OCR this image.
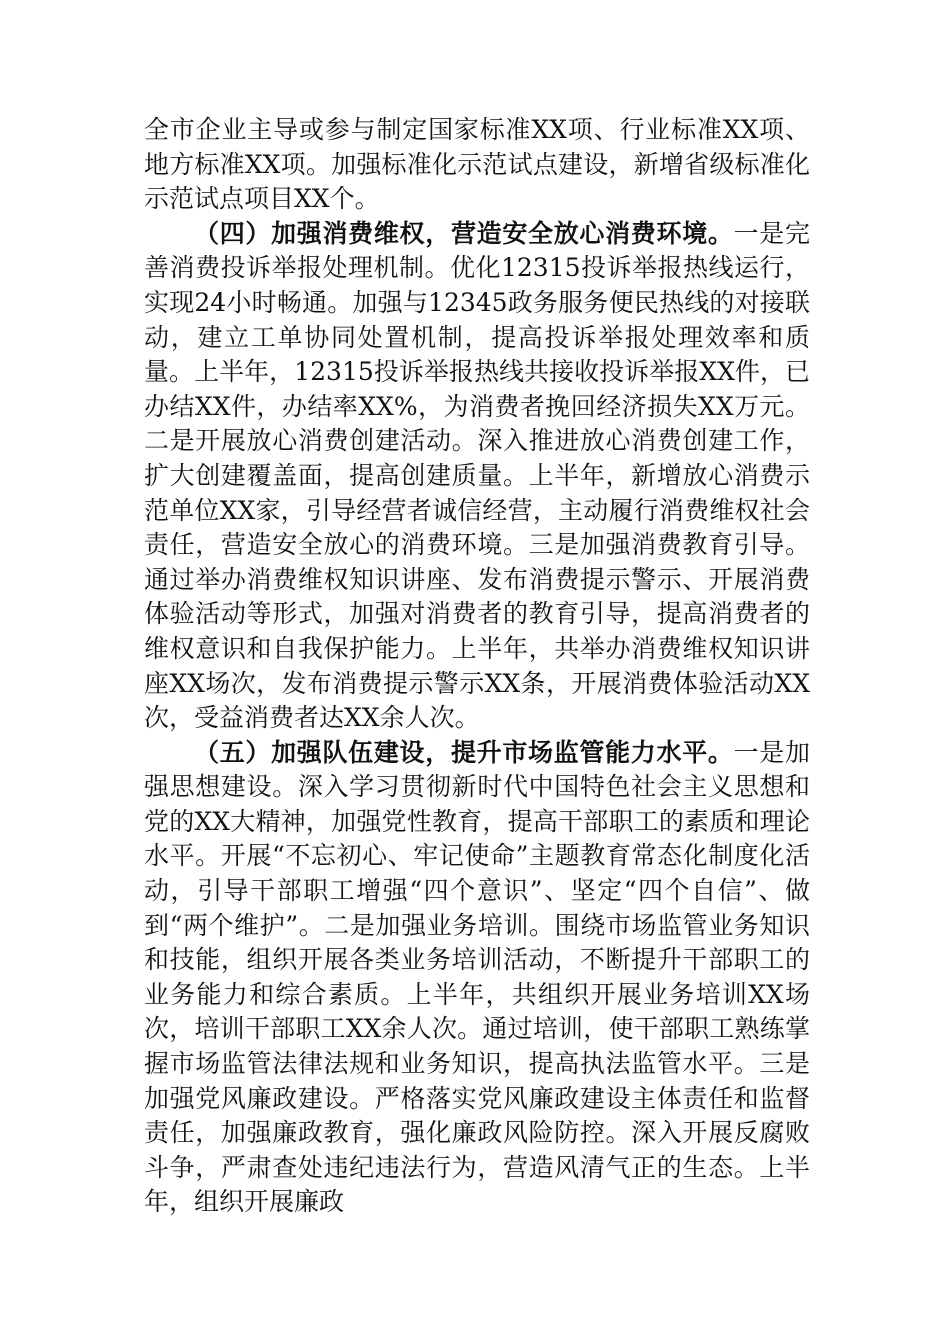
全市企业主导或参与制定国家标准XX项、行业标准XX项、地方标准XX项。加强标准化示范试点建设，新增省级标准化示范试点项目XX个。

（四）加强消费维权，营造安全放心消费环境。一是完善消费投诉举报处理机制。优化12315投诉举报热线运行，实现24小时畅通。加强与12345政务服务便民热线的对接联动，建立工单协同处置机制，提高投诉举报处理效率和质量。上半年，12315投诉举报热线共接收投诉举报XX件，已办结XX件，办结率XX%，为消费者挽回经济损失XX万元。二是开展放心消费创建活动。深入推进放心消费创建工作，扩大创建覆盖面，提高创建质量。上半年，新增放心消费示范单位XX家，引导经营者诚信经营，主动履行消费维权社会责任，营造安全放心的消费环境。三是加强消费教育引导。通过举办消费维权知识讲座、发布消费提示警示、开展消费体验活动等形式，加强对消费者的教育引导，提高消费者的维权意识和自我保护能力。上半年，共举办消费维权知识讲座XX场次，发布消费提示警示XX条，开展消费体验活动XX次，受益消费者达XX余人次。

（五）加强队伍建设，提升市场监管能力水平。一是加强思想建设。深入学习贯彻新时代中国特色社会主义思想和党的XX大精神，加强党性教育，提高干部职工的素质和理论水平。开展“不忘初心、牢记使命”主题教育常态化制度化活动，引导干部职工增强“四个意识”、坚定“四个自信”、做到“两个维护”。二是加强业务培训。围绕市场监管业务知识和技能，组织开展各类业务培训活动，不断提升干部职工的业务能力和综合素质。上半年，共组织开展业务培训XX场次，培训干部职工XX余人次。通过培训，使干部职工熟练掌握市场监管法律法规和业务知识，提高执法监管水平。三是加强党风廉政建设。严格落实党风廉政建设主体责任和监督责任，加强廉政教育，强化廉政风险防控。深入开展反腐败斗争，严肃查处违纪违法行为，营造风清气正的生态。上半年，组织开展廉政
